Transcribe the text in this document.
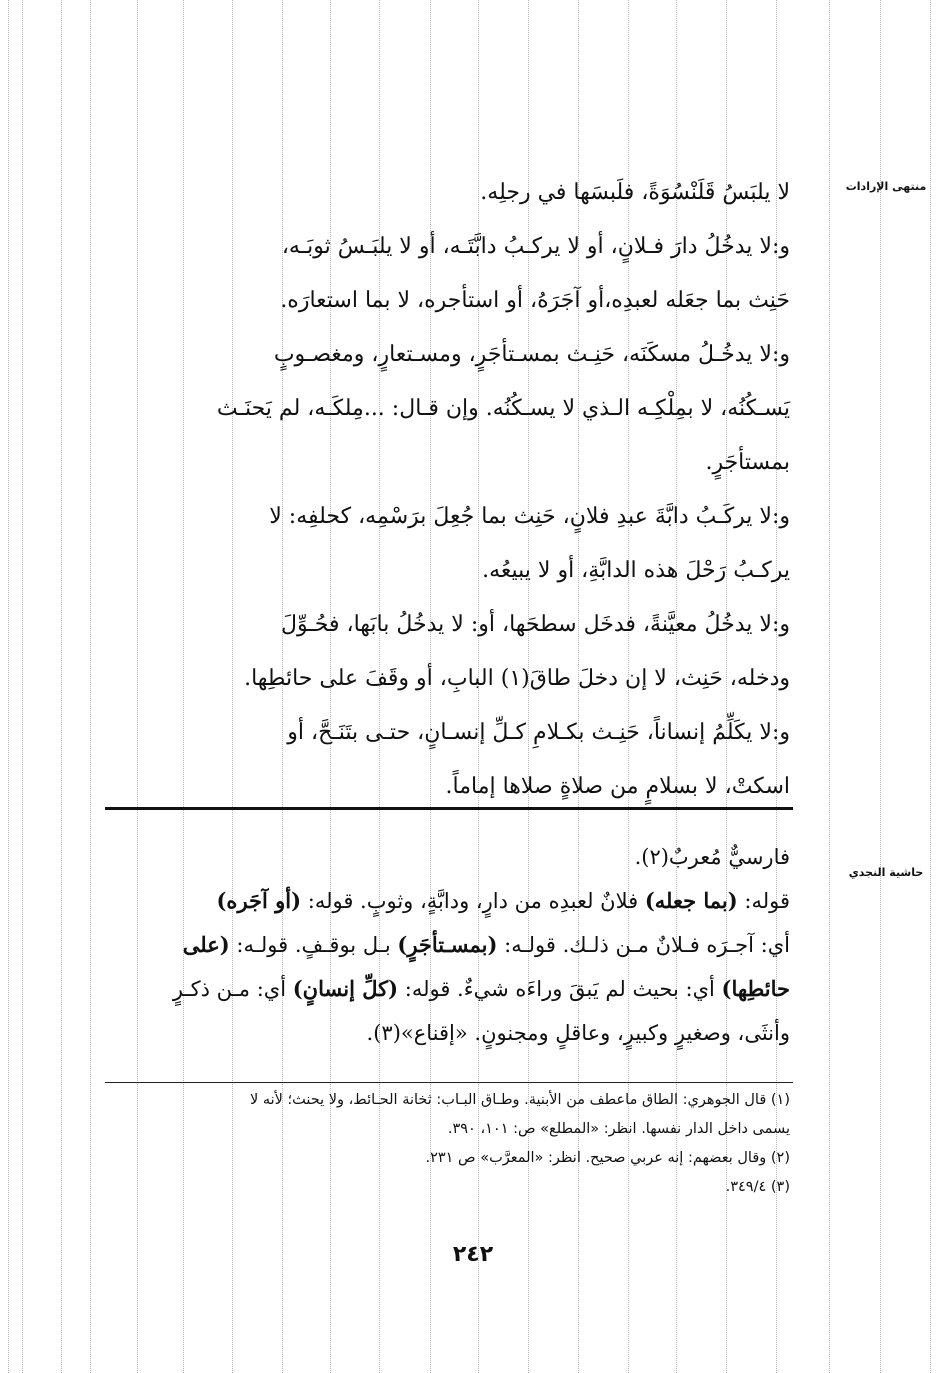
منتهى الإرادات
حاشية النجدي

لا يلبَسُ قَلَنْسُوَةً، فلَبسَها في رجلِه.

و:لا يدخُلُ دارَ فـلانٍ، أو لا يركـبُ دابَّتَـه، أو لا يلبَـسُ ثوبَـه،

حَنِث بما جعَله لعبدِه،أو آجَرَهُ، أو استأجره، لا بما استعارَه.

و:لا يدخُـلُ مسكَنَه، حَنِـث بمسـتأجَرٍ، ومسـتعارٍ، ومغصـوبٍ

يَسـكُنُه، لا بمِلْكِـه الـذي لا يسـكُنُه. وإن قـال: ...مِلكَـه، لم يَحنَـث

بمستأجَرٍ.

و:لا يركَـبُ دابَّةَ عبدِ فلانٍ، حَنِث بما جُعِلَ برَسْمِه، كحلفِه: لا

يركـبُ رَحْلَ هذه الدابَّةِ، أو لا يبيعُه.

و:لا يدخُلُ معيَّنةً، فدخَل سطحَها، أو: لا يدخُلُ بابَها، فحُـوِّلَ

ودخله، حَنِث، لا إن دخلَ طاقَ(١) البابِ، أو وقَفَ على حائطِها.

و:لا يكَلِّمُ إنساناً، حَنِـث بكـلامِ كـلِّ إنسـانٍ، حتـى بتَنَـحَّ، أو

اسكتْ، لا بسلامٍ من صلاةٍ صلاها إماماً.

فارسيٌّ مُعربٌ(٢).

قوله: (بما جعله) فلانٌ لعبدِه من دارٍ، ودابَّةٍ، وثوبٍ. قوله: (أو آجَره)

أي: آجـرَه فـلانٌ مـن ذلـك. قولـه: (بمسـتأجَرٍ) بـل بوقـفٍ. قولـه: (على

حائطِها) أي: بحيث لم يَبقَ وراءَه شيءٌ. قوله: (كلِّ إنسانٍ) أي: مـن ذكـرٍ

وأنثَى، وصغيرٍ وكبيرٍ، وعاقلٍ ومجنونٍ. «إقناع»(٣).

(١) قال الجوهري: الطاق ماعطف من الأبنية. وطـاق البـاب: ثخانة الحـائط، ولا يحنث؛ لأنه لا

يسمى داخل الدار نفسها. انظر: «المطلع» ص: ١٠١، ٣٩٠.

(٢) وقال بعضهم: إنه عربي صحيح. انظر: «المعرَّب» ص ٢٣١.

(٣) ٣٤٩/٤.

٢٤٢
